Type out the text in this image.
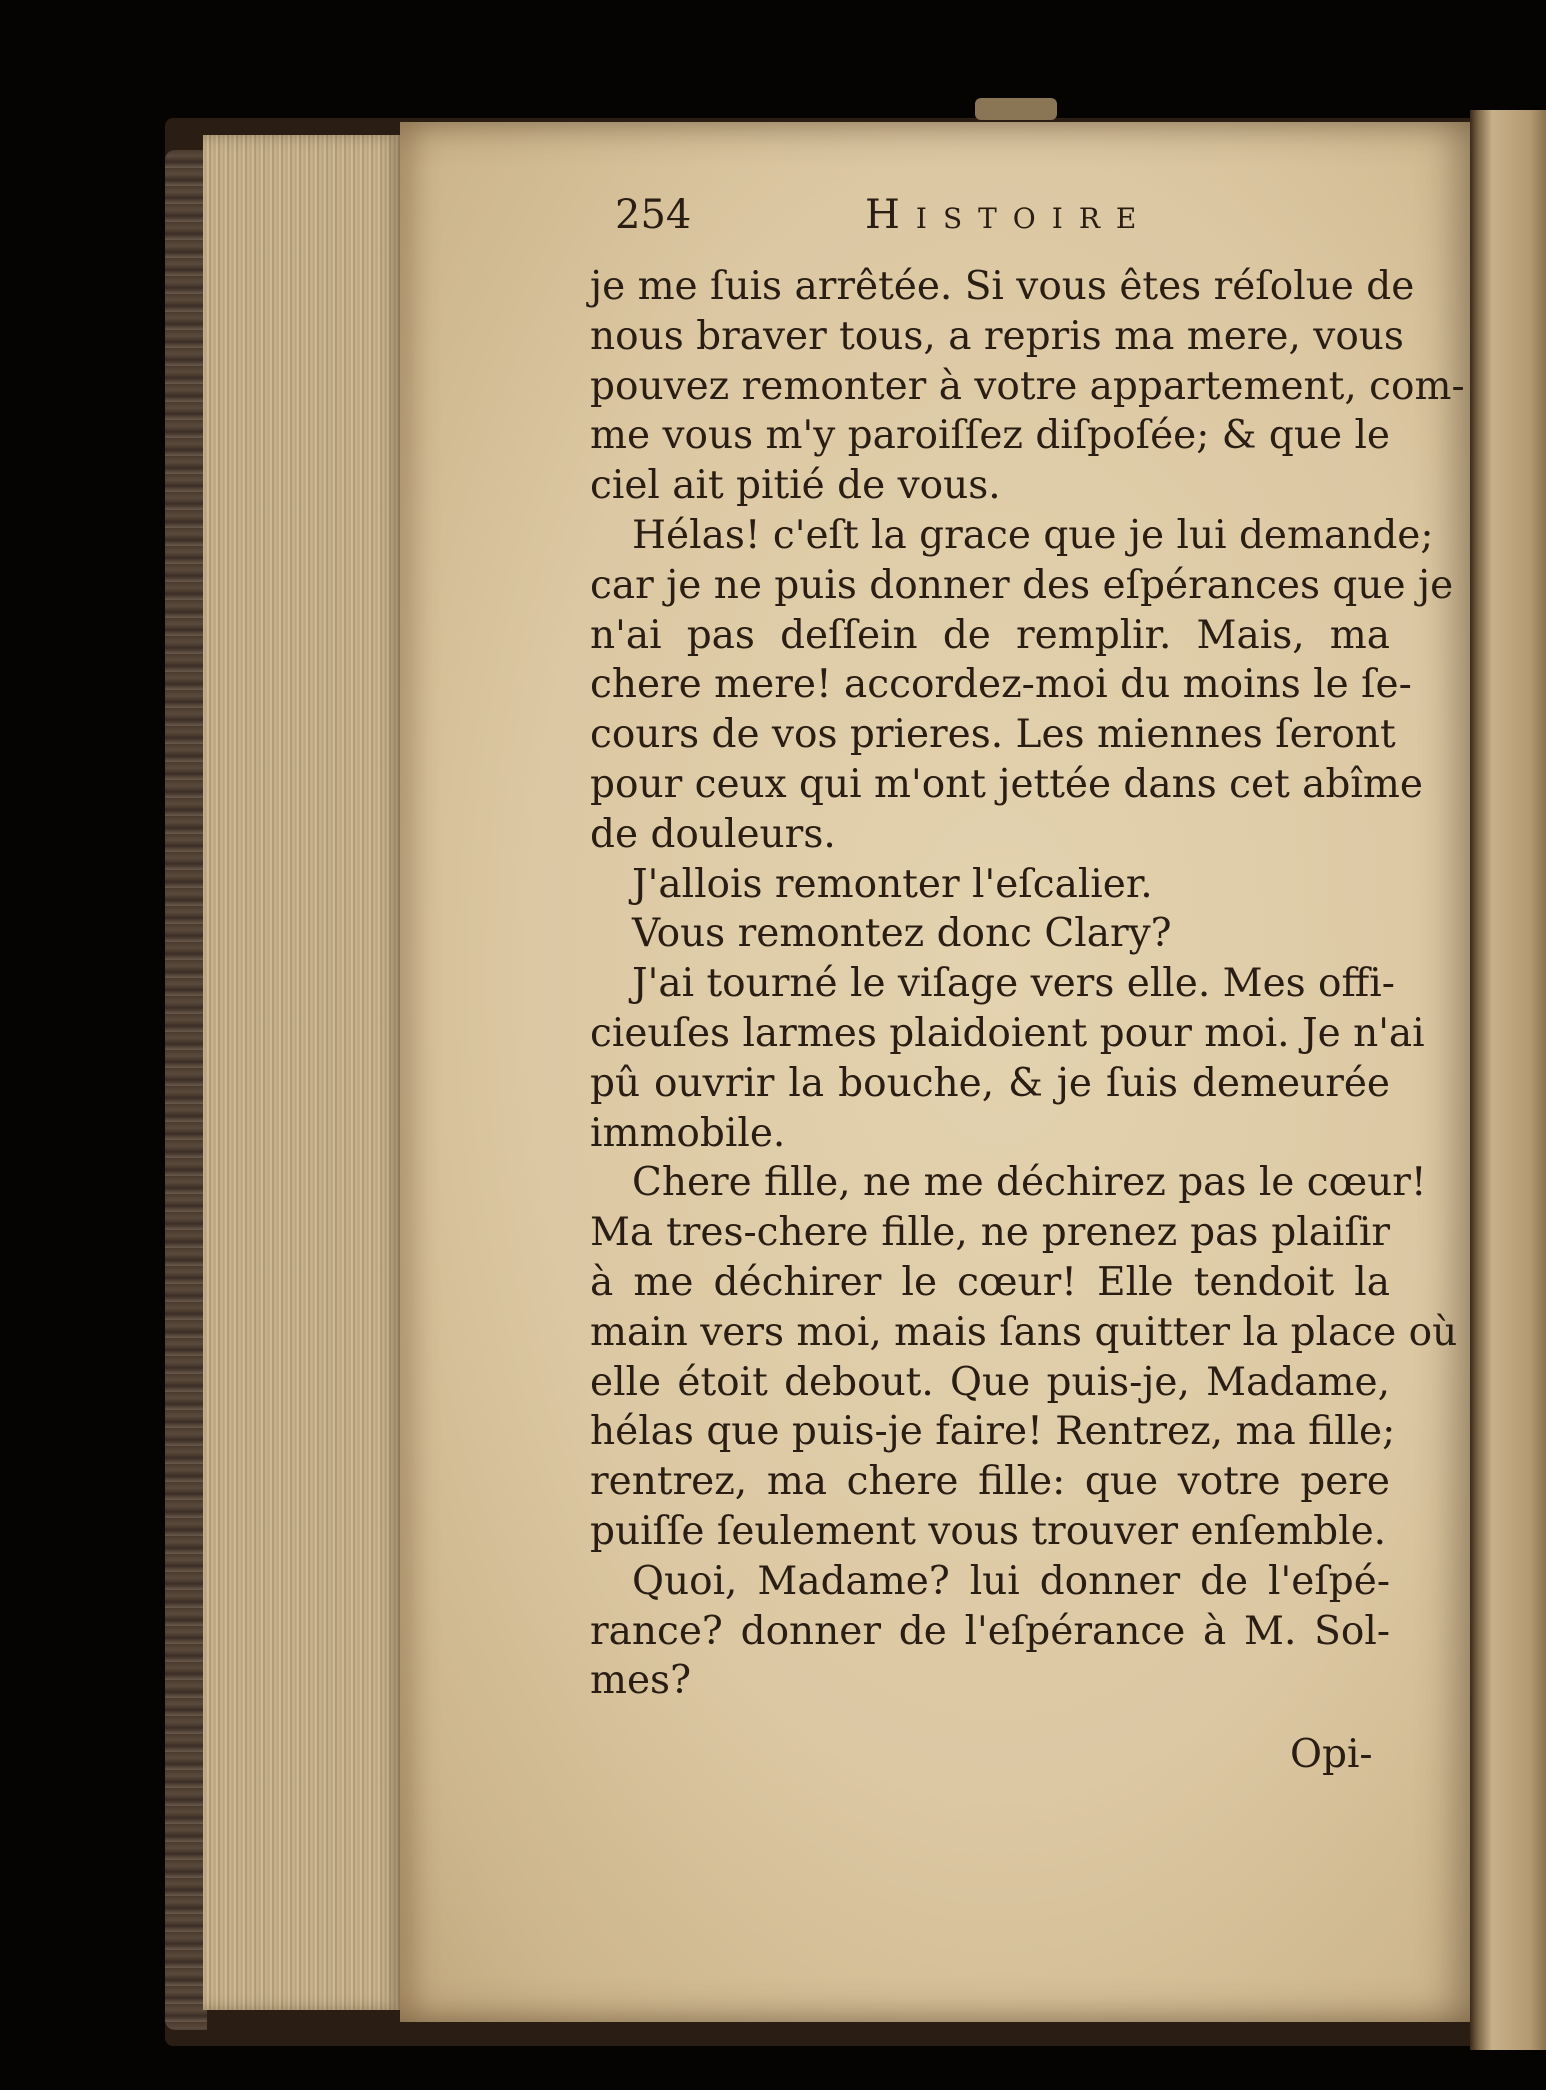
254	Histoire
je me ſuis arrêtée. Si vous êtes réſolue de
nous braver tous, a repris ma mere, vous
pouvez remonter à votre appartement, com-
me vous m'y paroiſſez diſpoſée; & que le
ciel ait pitié de vous.
Hélas! c'eſt la grace que je lui demande;
car je ne puis donner des eſpérances que je
n'ai pas deſſein de remplir. Mais, ma
chere mere! accordez-moi du moins le ſe-
cours de vos prieres. Les miennes ſeront
pour ceux qui m'ont jettée dans cet abîme
de douleurs.
J'allois remonter l'eſcalier.
Vous remontez donc Clary?
J'ai tourné le viſage vers elle. Mes offi-
cieuſes larmes plaidoient pour moi. Je n'ai
pû ouvrir la bouche, & je ſuis demeurée
immobile.
Chere fille, ne me déchirez pas le cœur!
Ma tres-chere fille, ne prenez pas plaiſir
à me déchirer le cœur! Elle tendoit la
main vers moi, mais ſans quitter la place où
elle étoit debout. Que puis-je, Madame,
hélas que puis-je faire! Rentrez, ma fille;
rentrez, ma chere fille: que votre pere
puiſſe ſeulement vous trouver enſemble.
Quoi, Madame? lui donner de l'eſpé-
rance? donner de l'eſpérance à M. Sol-
mes?
Opi-
